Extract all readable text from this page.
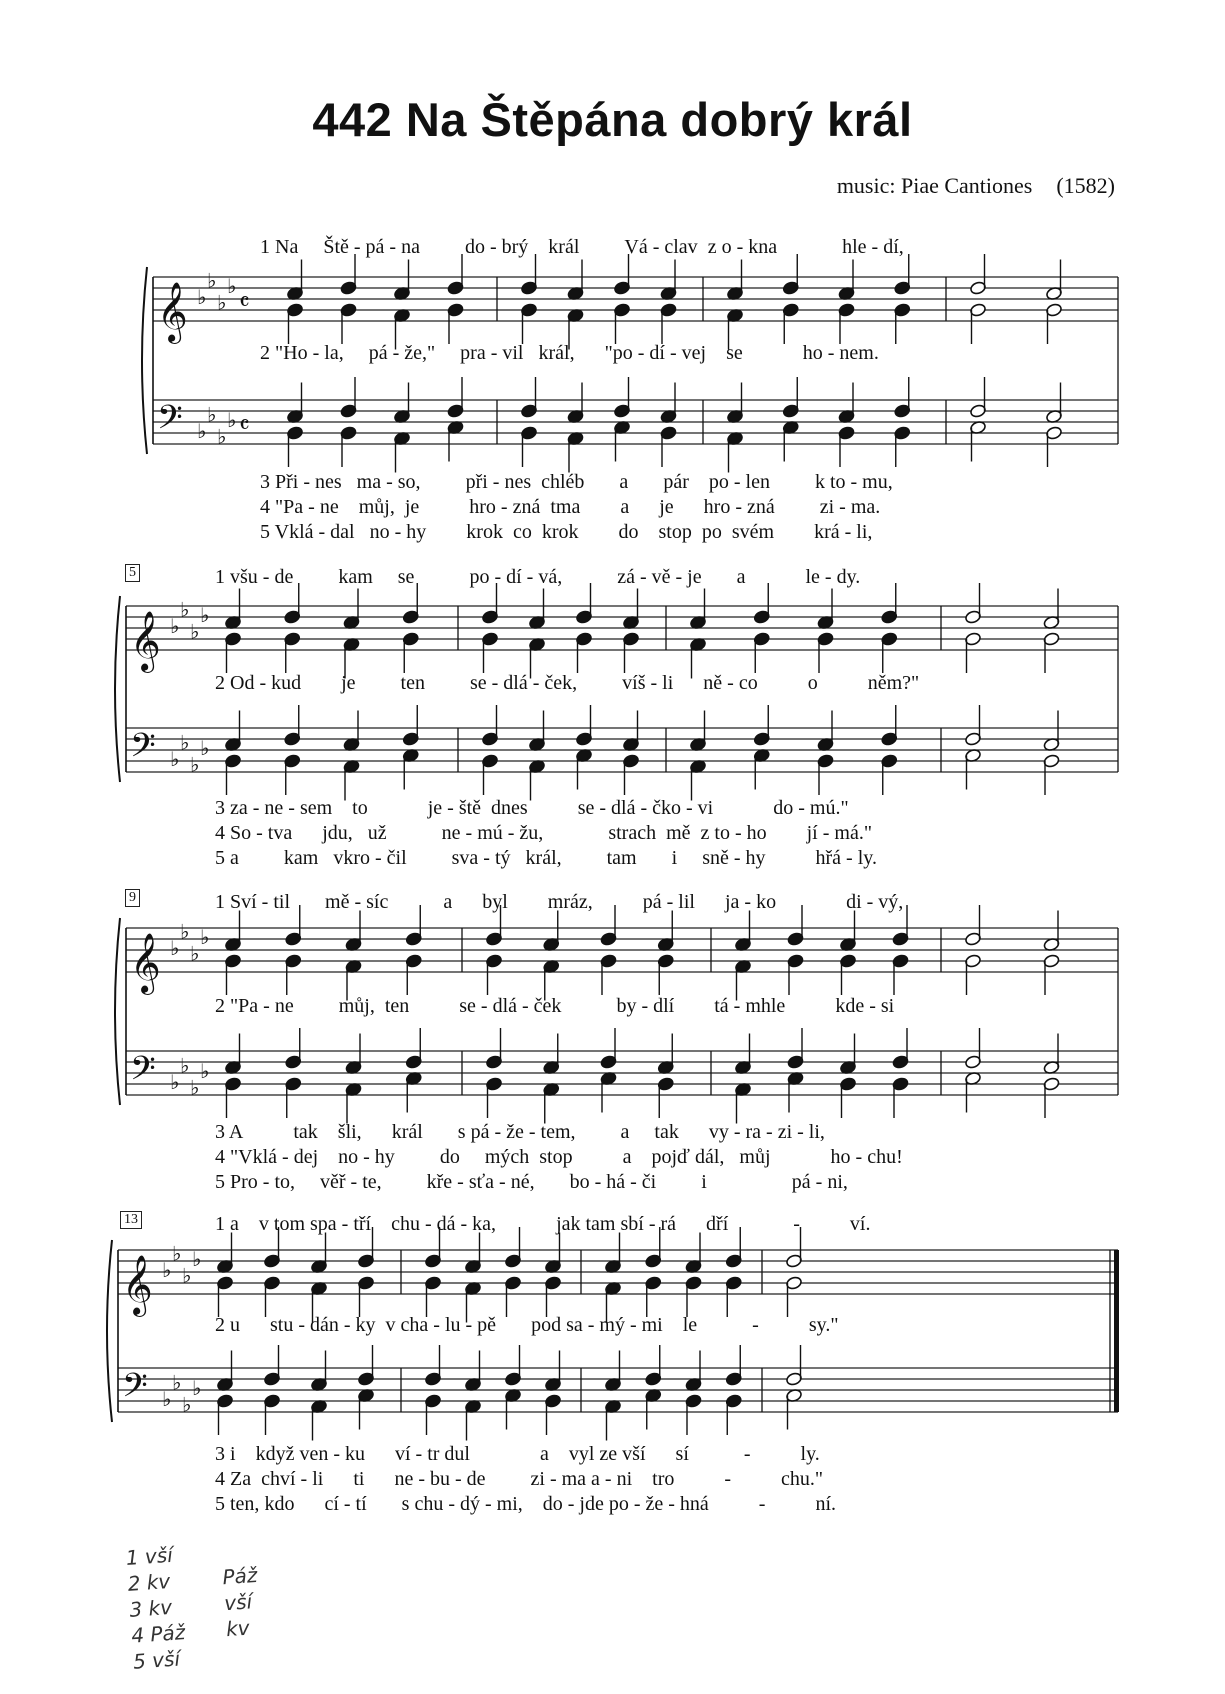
442 Na Štěpána dobrý král
music: Piae Cantiones (1582)
𝄞
𝄢
♭
♭
♭
♭
♭
♭
♭
♭
𝄴
𝄴
𝄞
𝄢
♭
♭
♭
♭
♭
♭
♭
♭
𝄞
𝄢
♭
♭
♭
♭
♭
♭
♭
♭
𝄞
𝄢
♭
♭
♭
♭
♭
♭
♭
♭
1 Na Ště - pá - na do - brý král Vá - clav z o - kna	hle - dí,
2 "Ho - la, pá - že," pra - vil král, "po - dí - vej se	ho - nem.
3 Při - nes ma - so, při - nes chléb a pár po - len k to - mu,
4 "Pa - ne můj, je	hro - zná tma a je hro - zná zi - ma.
5 Vklá - dal no - hy krok co krok do stop po svém krá - li,
5	1 všu - de kam se	po - dí - vá,	zá - vě - je a	le - dy.
2 Od - kud je ten se - dlá - ček, víš - li ně - co	o	něm?"
3 za - ne - sem to	je - ště dnes	se - dlá - čko - vi	do - mú."
4 So - tva jdu, už	ne - mú - žu,	strach mě z to - ho jí - má."
5 a kam vkro - čil sva - tý král, tam i sně - hy	hřá - ly.
9	1 Sví - til mě - síc	a byl mráz,	pá - lil ja - ko	di - vý,
2 "Pa - ne můj, ten	se - dlá - ček	by - dlí tá - mhle	kde - si
3 A	tak šli, král s pá - že - tem, a tak vy - ra - zi - li,
4 "Vklá - dej no - hy do mých stop	a pojď dál, můj	ho - chu!
5 Pro - to, věř - te, kře - sťa - né, bo - há - či i	pá - ni,
13	1 a v tom spa - tří chu - dá - ka,	jak tam sbí - rá dří	-	ví.
2 u stu - dán - ky v cha - lu - pě pod sa - mý - mi le	-	sy."
3 i když ven - ku ví - tr dul	a vyl ze vší sí	-	ly.
4 Za chví - li ti ne - bu - de zi - ma a - ni tro	-	chu."
5 ten, kdo cí - tí s chu - dý - mi, do - jde po - že - hná	-	ní.
1 vší
2 kv	Páž
3 kv	vší
4 Páž kv
5 vší
